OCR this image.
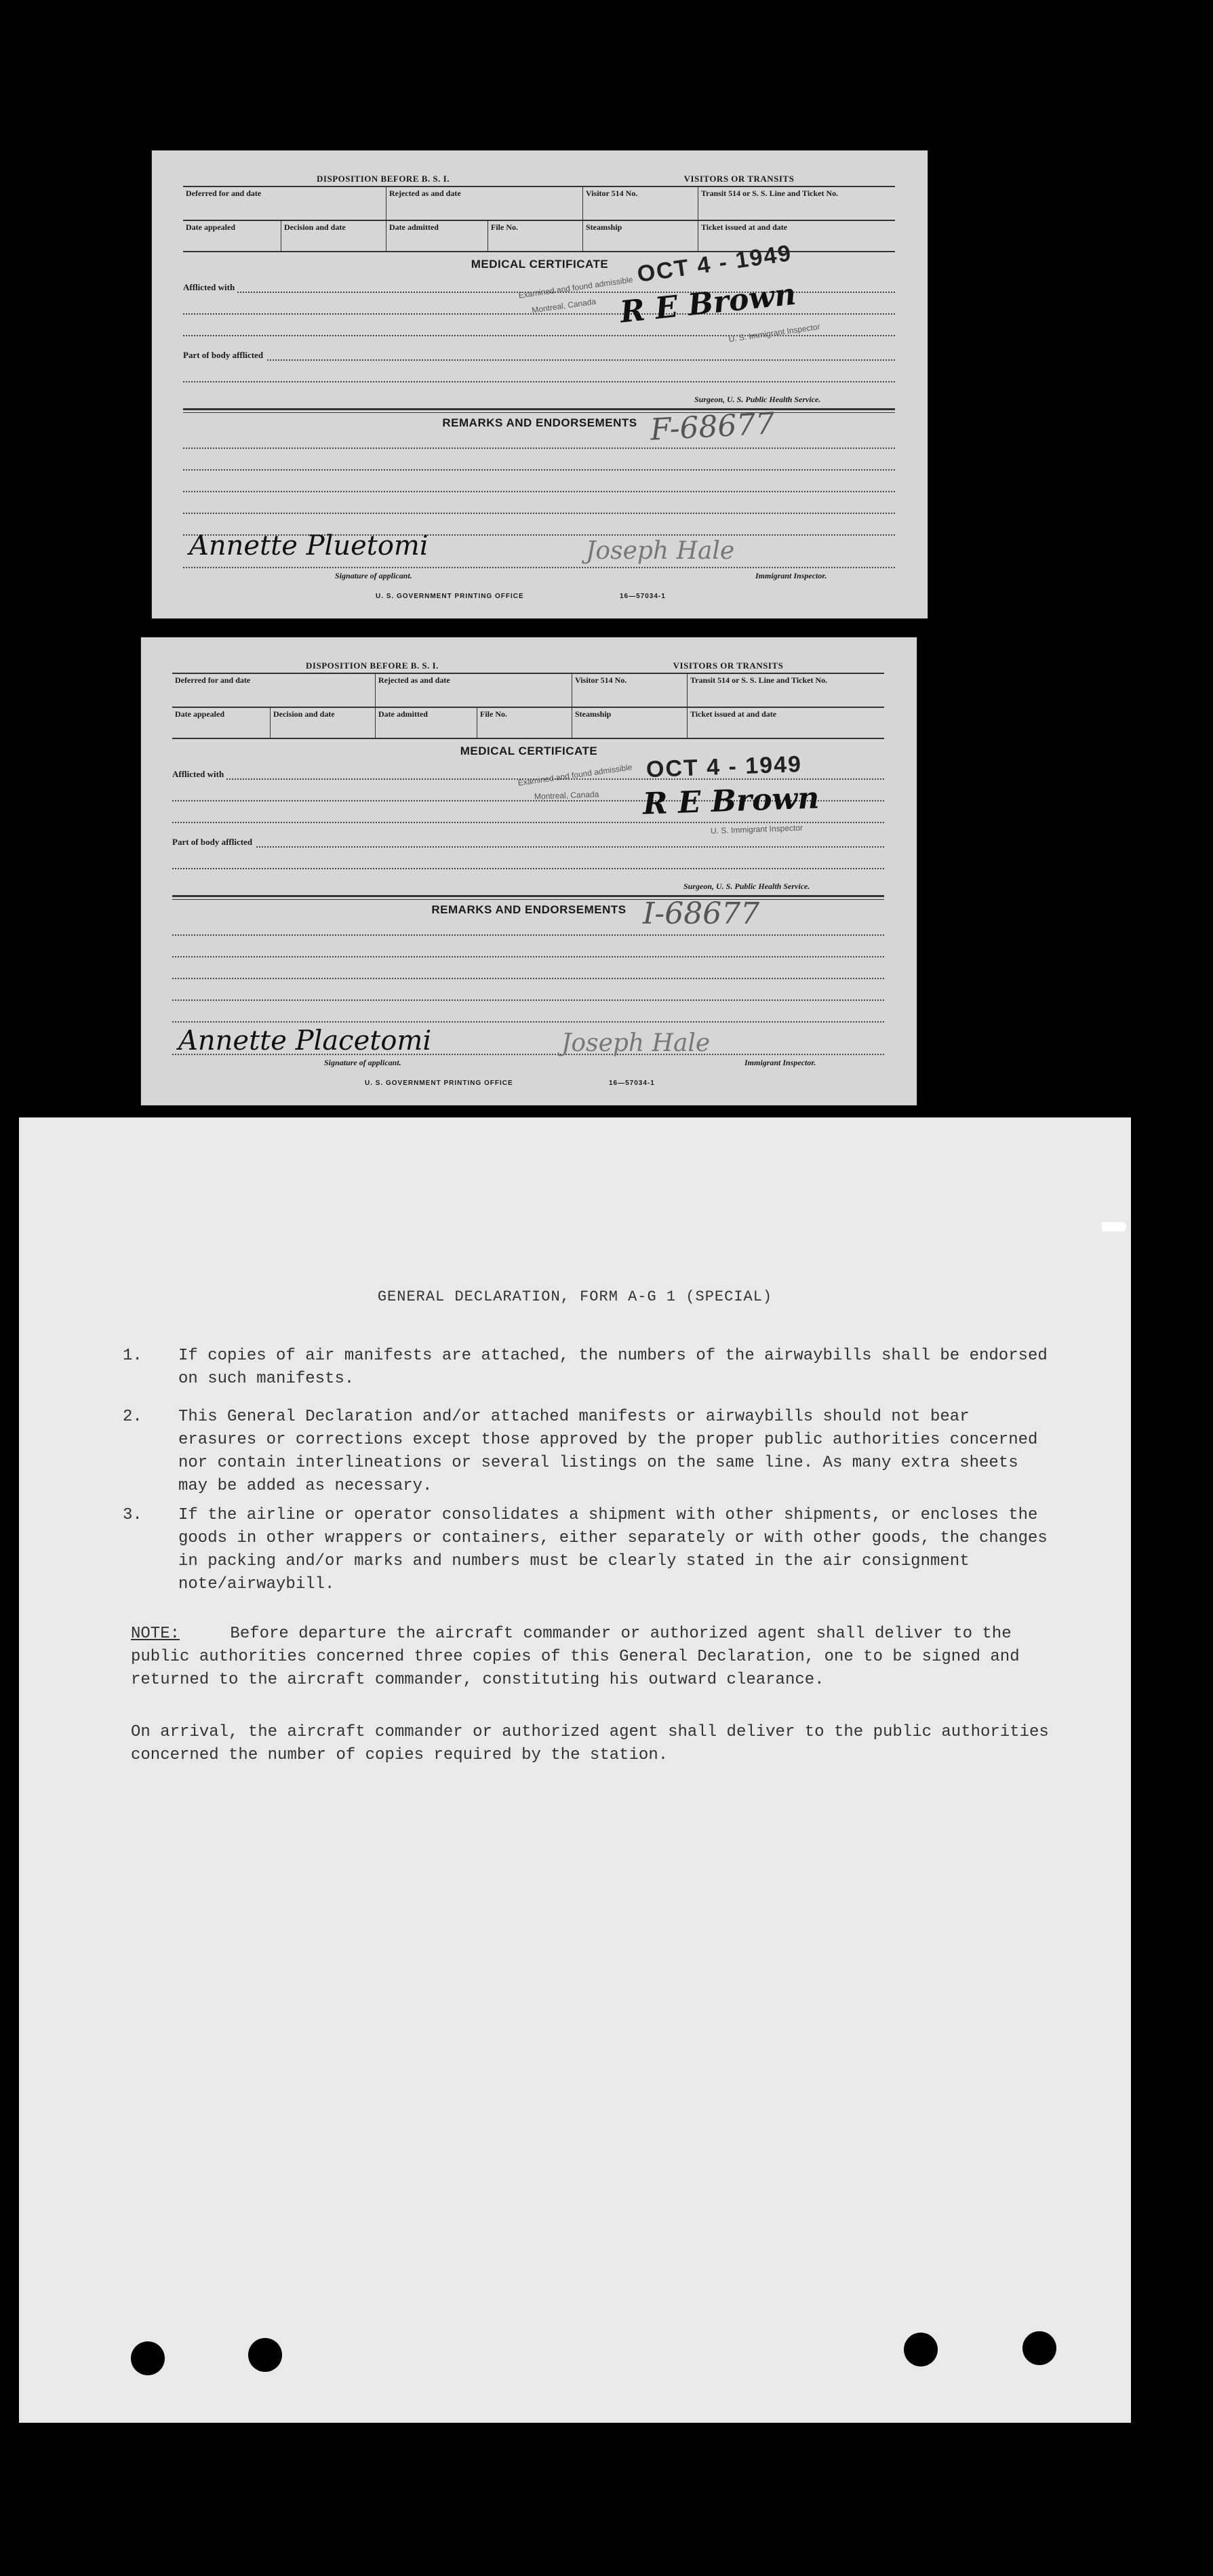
DISPOSITION BEFORE B. S. I.	VISITORS OR TRANSITS
Deferred for and date	Rejected as and date	Visitor 514 No.	Transit 514 or S. S. Line and Ticket No.
Date appealed	Decision and date	Date admitted	File No.	Steamship	Ticket issued at and date
MEDICAL CERTIFICATE
Afflicted with
Part of body afflicted
Surgeon, U. S. Public Health Service.
REMARKS AND ENDORSEMENTS
Signature of applicant.	Immigrant Inspector.
U. S. GOVERNMENT PRINTING OFFICE	16—57034-1
Examined and found admissible
OCT 4 - 1949
Montreal, Canada R E Brown
U. S. Immigrant Inspector
F-68677
Annette Pluetomi	Joseph Hale
DISPOSITION BEFORE B. S. I.	VISITORS OR TRANSITS
Deferred for and date	Rejected as and date	Visitor 514 No.	Transit 514 or S. S. Line and Ticket No.
Date appealed	Decision and date	Date admitted	File No.	Steamship	Ticket issued at and date
MEDICAL CERTIFICATE
Afflicted with
Part of body afflicted
Surgeon, U. S. Public Health Service.
REMARKS AND ENDORSEMENTS
Signature of applicant.	Immigrant Inspector.
U. S. GOVERNMENT PRINTING OFFICE	16—57034-1
Examined and found admissible OCT 4 - 1949
Montreal, Canada R E Brown
U. S. Immigrant Inspector
I-68677
Annette Placetomi	Joseph Hale
GENERAL DECLARATION, FORM A-G 1 (SPECIAL)
1. If copies of air manifests are attached, the numbers of the airwaybills shall be endorsed on such manifests.
2. This General Declaration and/or attached manifests or airwaybills should not bear erasures or corrections except those approved by the proper public authorities concerned nor contain interlineations or several listings on the same line. As many extra sheets may be added as necessary.
3. If the airline or operator consolidates a shipment with other shipments, or encloses the goods in other wrappers or containers, either separately or with other goods, the changes in packing and/or marks and numbers must be clearly stated in the air consignment note/airwaybill.
NOTE:	Before departure the aircraft commander or authorized agent shall deliver to the public authorities concerned three copies of this General Declaration, one to be signed and returned to the aircraft commander, constituting his outward clearance.
On arrival, the aircraft commander or authorized agent shall deliver to the public authorities concerned the number of copies required by the station.
